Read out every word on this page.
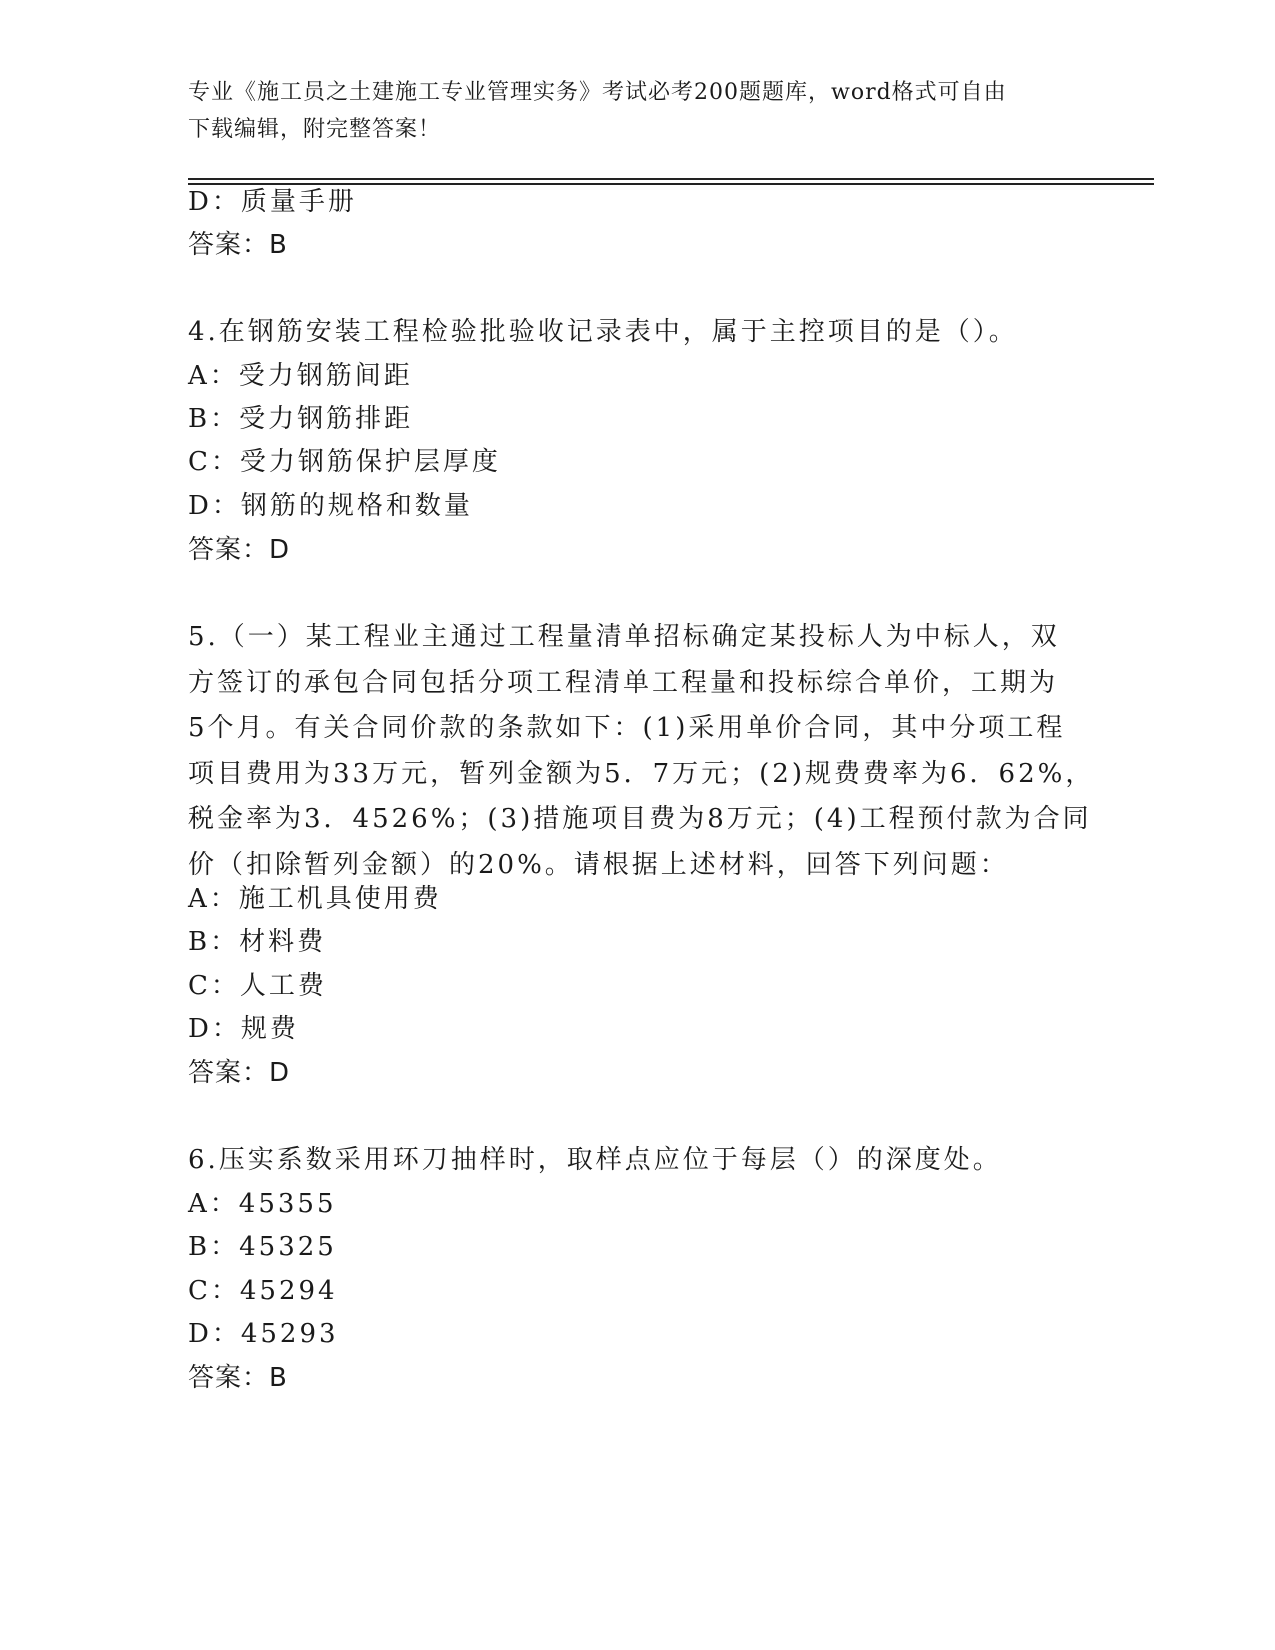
专业《施工员之土建施工专业管理实务》考试必考200题题库，word格式可自由
下载编辑，附完整答案！
D：质量手册
答案：B
4.在钢筋安装工程检验批验收记录表中，属于主控项目的是（）。
A：受力钢筋间距
B：受力钢筋排距
C：受力钢筋保护层厚度
D：钢筋的规格和数量
答案：D
5.（一）某工程业主通过工程量清单招标确定某投标人为中标人，双
方签订的承包合同包括分项工程清单工程量和投标综合单价，工期为
5个月。有关合同价款的条款如下：(1)采用单价合同，其中分项工程
项目费用为33万元，暂列金额为5．7万元；(2)规费费率为6．62%，
税金率为3．4526%；(3)措施项目费为8万元；(4)工程预付款为合同
价（扣除暂列金额）的20%。请根据上述材料，回答下列问题：
A：施工机具使用费
B：材料费
C：人工费
D：规费
答案：D
6.压实系数采用环刀抽样时，取样点应位于每层（）的深度处。
A：45355
B：45325
C：45294
D：45293
答案：B
